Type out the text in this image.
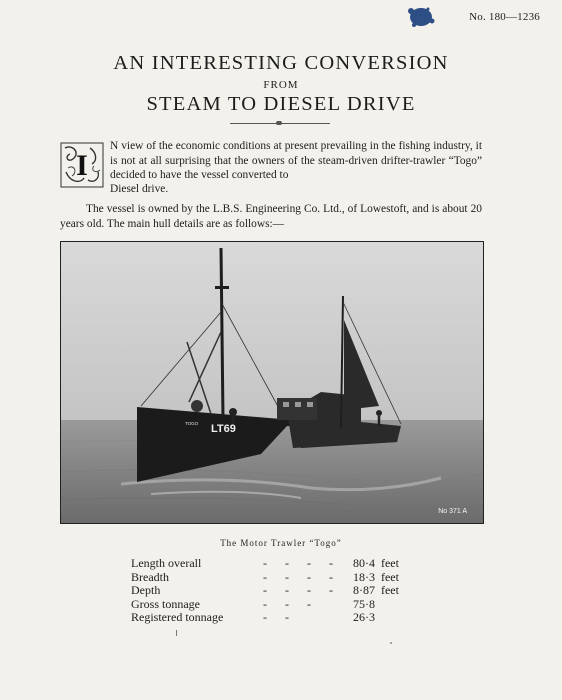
No. 180—1236
AN INTERESTING CONVERSION
FROM
STEAM TO DIESEL DRIVE
I
N view of the economic conditions at present prevailing in the fishing industry, it is not at all surprising that the owners of the steam-driven drifter-trawler “Togo” decided to have the vessel converted to
Diesel drive.
The vessel is owned by the L.B.S. Engineering Co. Ltd., of Lowestoft, and is about 20 years old. The main hull details are as follows:—
LT69
TOGO
No 371 A
The Motor Trawler “Togo”
Length overall	-      -      -      -	80·4	feet
Breadth	-      -      -      -	18·3	feet
Depth	-      -      -      -	8·87	feet
Gross tonnage	-      -      -	75·8	
Registered tonnage	-      -	26·3	
